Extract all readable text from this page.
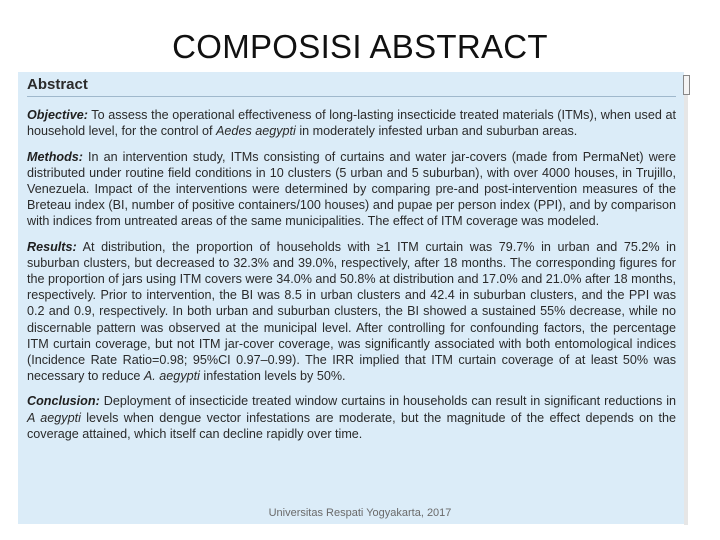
COMPOSISI ABSTRACT
Abstract

Objective: To assess the operational effectiveness of long-lasting insecticide treated materials (ITMs), when used at household level, for the control of Aedes aegypti in moderately infested urban and suburban areas.

Methods: In an intervention study, ITMs consisting of curtains and water jar-covers (made from PermaNet) were distributed under routine field conditions in 10 clusters (5 urban and 5 suburban), with over 4000 houses, in Trujillo, Venezuela. Impact of the interventions were determined by comparing pre-and post-intervention measures of the Breteau index (BI, number of positive containers/100 houses) and pupae per person index (PPI), and by comparison with indices from untreated areas of the same municipalities. The effect of ITM coverage was modeled.

Results: At distribution, the proportion of households with ≥1 ITM curtain was 79.7% in urban and 75.2% in suburban clusters, but decreased to 32.3% and 39.0%, respectively, after 18 months. The corresponding figures for the proportion of jars using ITM covers were 34.0% and 50.8% at distribution and 17.0% and 21.0% after 18 months, respectively. Prior to intervention, the BI was 8.5 in urban clusters and 42.4 in suburban clusters, and the PPI was 0.2 and 0.9, respectively. In both urban and suburban clusters, the BI showed a sustained 55% decrease, while no discernable pattern was observed at the municipal level. After controlling for confounding factors, the percentage ITM curtain coverage, but not ITM jar-cover coverage, was significantly associated with both entomological indices (Incidence Rate Ratio=0.98; 95%CI 0.97–0.99). The IRR implied that ITM curtain coverage of at least 50% was necessary to reduce A. aegypti infestation levels by 50%.

Conclusion: Deployment of insecticide treated window curtains in households can result in significant reductions in A aegypti levels when dengue vector infestations are moderate, but the magnitude of the effect depends on the coverage attained, which itself can decline rapidly over time.

Universitas Respati Yogyakarta, 2017
